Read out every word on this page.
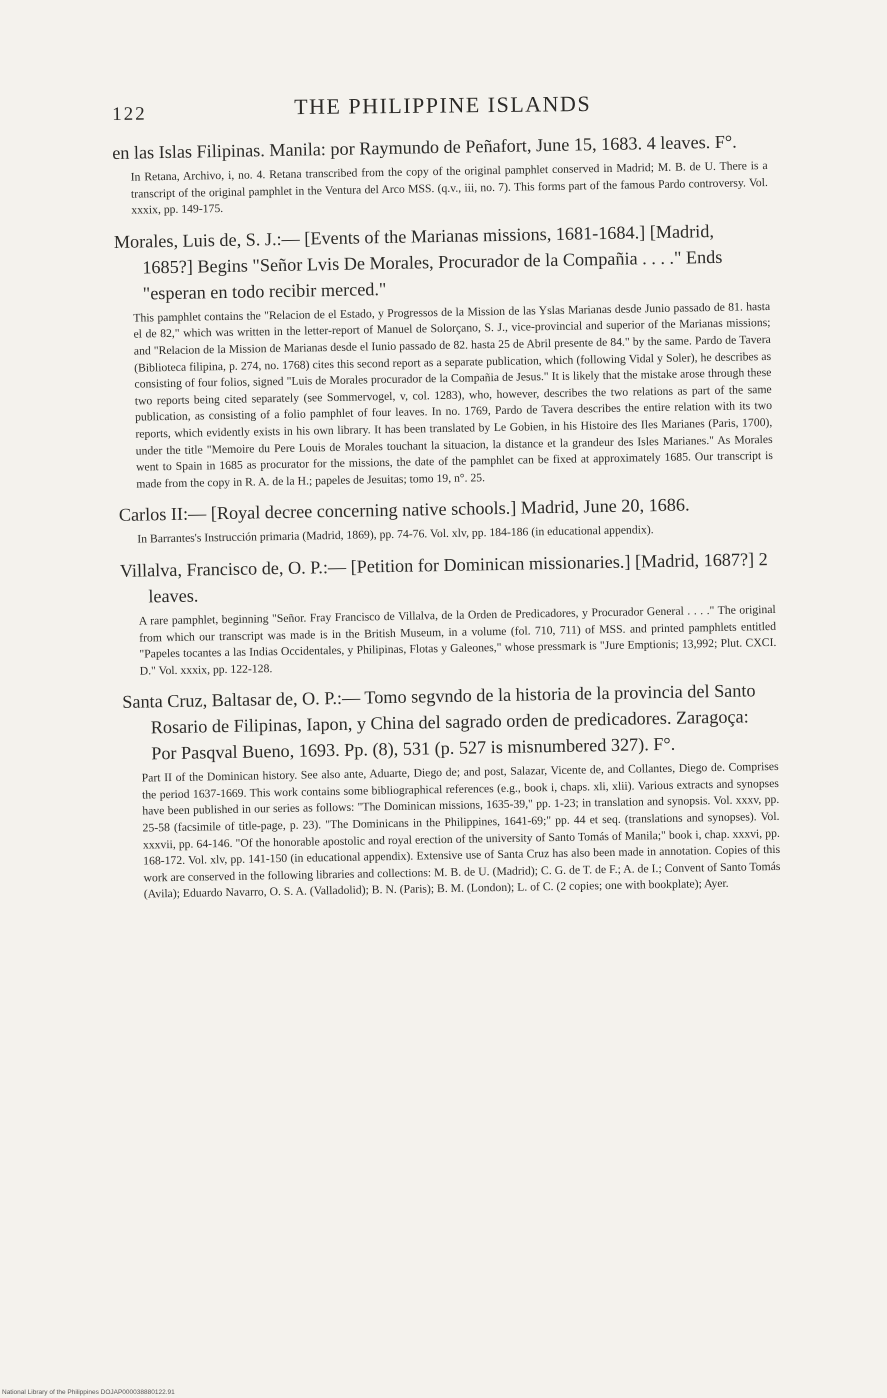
122	THE PHILIPPINE ISLANDS

en las Islas Filipinas. Manila: por Raymundo de Peñafort, June 15, 1683. 4 leaves. F°.

In Retana, Archivo, i, no. 4. Retana transcribed from the copy of the original pamphlet conserved in Madrid; M. B. de U. There is a transcript of the original pamphlet in the Ventura del Arco MSS. (q.v., iii, no. 7). This forms part of the famous Pardo controversy. Vol. xxxix, pp. 149-175.

Morales, Luis de, S. J.:— [Events of the Marianas missions, 1681-1684.] [Madrid, 1685?] Begins "Señor Lvis De Morales, Procurador de la Compañia . . . ." Ends "esperan en todo recibir merced."

This pamphlet contains the "Relacion de el Estado, y Progressos de la Mission de las Yslas Marianas desde Junio passado de 81. hasta el de 82," which was written in the letter-report of Manuel de Solorçano, S. J., vice-provincial and superior of the Marianas missions; and "Relacion de la Mission de Marianas desde el Iunio passado de 82. hasta 25 de Abril presente de 84." by the same. Pardo de Tavera (Biblioteca filipina, p. 274, no. 1768) cites this second report as a separate publication, which (following Vidal y Soler), he describes as consisting of four folios, signed "Luis de Morales procurador de la Compañia de Jesus." It is likely that the mistake arose through these two reports being cited separately (see Sommervogel, v, col. 1283), who, however, describes the two relations as part of the same publication, as consisting of a folio pamphlet of four leaves. In no. 1769, Pardo de Tavera describes the entire relation with its two reports, which evidently exists in his own library. It has been translated by Le Gobien, in his Histoire des Iles Marianes (Paris, 1700), under the title "Memoire du Pere Louis de Morales touchant la situacion, la distance et la grandeur des Isles Marianes." As Morales went to Spain in 1685 as procurator for the missions, the date of the pamphlet can be fixed at approximately 1685. Our transcript is made from the copy in R. A. de la H.; papeles de Jesuitas; tomo 19, n°. 25.

Carlos II:— [Royal decree concerning native schools.] Madrid, June 20, 1686.

In Barrantes's Instrucción primaria (Madrid, 1869), pp. 74-76. Vol. xlv, pp. 184-186 (in educational appendix).

Villalva, Francisco de, O. P.:— [Petition for Dominican missionaries.] [Madrid, 1687?] 2 leaves.

A rare pamphlet, beginning "Señor. Fray Francisco de Villalva, de la Orden de Predicadores, y Procurador General . . . ." The original from which our transcript was made is in the British Museum, in a volume (fol. 710, 711) of MSS. and printed pamphlets entitled "Papeles tocantes a las Indias Occidentales, y Philipinas, Flotas y Galeones," whose pressmark is "Jure Emptionis; 13,992; Plut. CXCI. D." Vol. xxxix, pp. 122-128.

Santa Cruz, Baltasar de, O. P.:— Tomo segvndo de la historia de la provincia del Santo Rosario de Filipinas, Iapon, y China del sagrado orden de predicadores. Zaragoça: Por Pasqval Bueno, 1693. Pp. (8), 531 (p. 527 is misnumbered 327). F°.

Part II of the Dominican history. See also ante, Aduarte, Diego de; and post, Salazar, Vicente de, and Collantes, Diego de. Comprises the period 1637-1669. This work contains some bibliographical references (e.g., book i, chaps. xli, xlii). Various extracts and synopses have been published in our series as follows: "The Dominican missions, 1635-39," pp. 1-23; in translation and synopsis. Vol. xxxv, pp. 25-58 (facsimile of title-page, p. 23). "The Dominicans in the Philippines, 1641-69;" pp. 44 et seq. (translations and synopses). Vol. xxxvii, pp. 64-146. "Of the honorable apostolic and royal erection of the university of Santo Tomás of Manila;" book i, chap. xxxvi, pp. 168-172. Vol. xlv, pp. 141-150 (in educational appendix). Extensive use of Santa Cruz has also been made in annotation. Copies of this work are conserved in the following libraries and collections: M. B. de U. (Madrid); C. G. de T. de F.; A. de I.; Convent of Santo Tomás (Avila); Eduardo Navarro, O. S. A. (Valladolid); B. N. (Paris); B. M. (London); L. of C. (2 copies; one with bookplate); Ayer.

National Library of the Philippines DOJAP000038880122.91
